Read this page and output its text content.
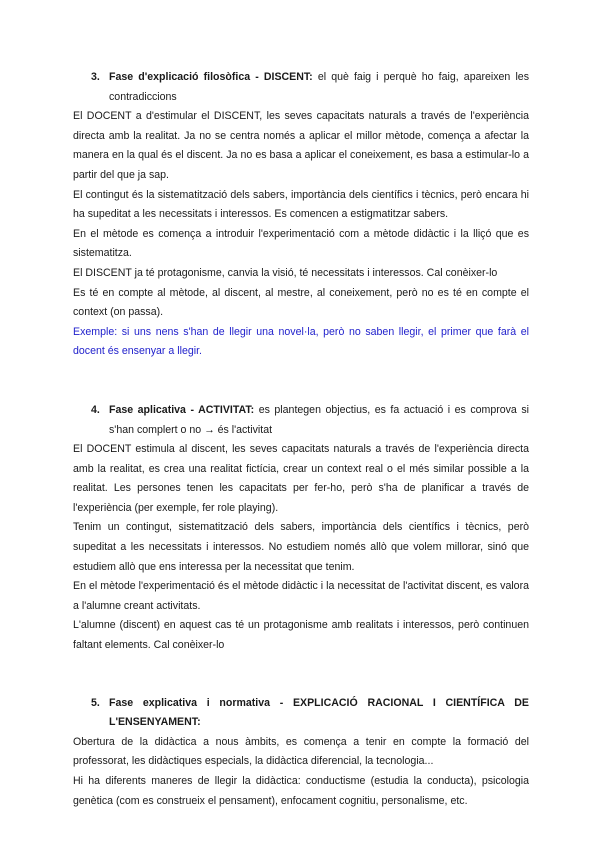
3. Fase d'explicació filosòfica - DISCENT: el què faig i perquè ho faig, apareixen les contradiccions

El DOCENT a d'estimular el DISCENT, les seves capacitats naturals a través de l'experiència directa amb la realitat. Ja no se centra només a aplicar el millor mètode, comença a afectar la manera en la qual és el discent. Ja no es basa a aplicar el coneixement, es basa a estimular-lo a partir del que ja sap.

El contingut és la sistematització dels sabers, importància dels científics i tècnics, però encara hi ha supeditat a les necessitats i interessos. Es comencen a estigmatitzar sabers.

En el mètode es comença a introduir l'experimentació com a mètode didàctic i la lliçó que es sistematitza.

El DISCENT ja té protagonisme, canvia la visió, té necessitats i interessos. Cal conèixer-lo

Es té en compte al mètode, al discent, al mestre, al coneixement, però no es té en compte el context (on passa).

Exemple: si uns nens s'han de llegir una novel·la, però no saben llegir, el primer que farà el docent és ensenyar a llegir.

4. Fase aplicativa - ACTIVITAT: es plantegen objectius, es fa actuació i es comprova si s'han complert o no → és l'activitat

El DOCENT estimula al discent, les seves capacitats naturals a través de l'experiència directa amb la realitat, es crea una realitat fictícia, crear un context real o el més similar possible a la realitat. Les persones tenen les capacitats per fer-ho, però s'ha de planificar a través de l'experiència (per exemple, fer role playing).

Tenim un contingut, sistematització dels sabers, importància dels científics i tècnics, però supeditat a les necessitats i interessos. No estudiem només allò que volem millorar, sinó que estudiem allò que ens interessa per la necessitat que tenim.

En el mètode l'experimentació és el mètode didàctic i la necessitat de l'activitat discent, es valora a l'alumne creant activitats.

L'alumne (discent) en aquest cas té un protagonisme amb realitats i interessos, però continuen faltant elements. Cal conèixer-lo

5. Fase explicativa i normativa - EXPLICACIÓ RACIONAL I CIENTÍFICA DE L'ENSENYAMENT:

Obertura de la didàctica a nous àmbits, es comença a tenir en compte la formació del professorat, les didàctiques especials, la didàctica diferencial, la tecnologia...

Hi ha diferents maneres de llegir la didàctica: conductisme (estudia la conducta), psicologia genètica (com es construeix el pensament), enfocament cognitiu, personalisme, etc.
